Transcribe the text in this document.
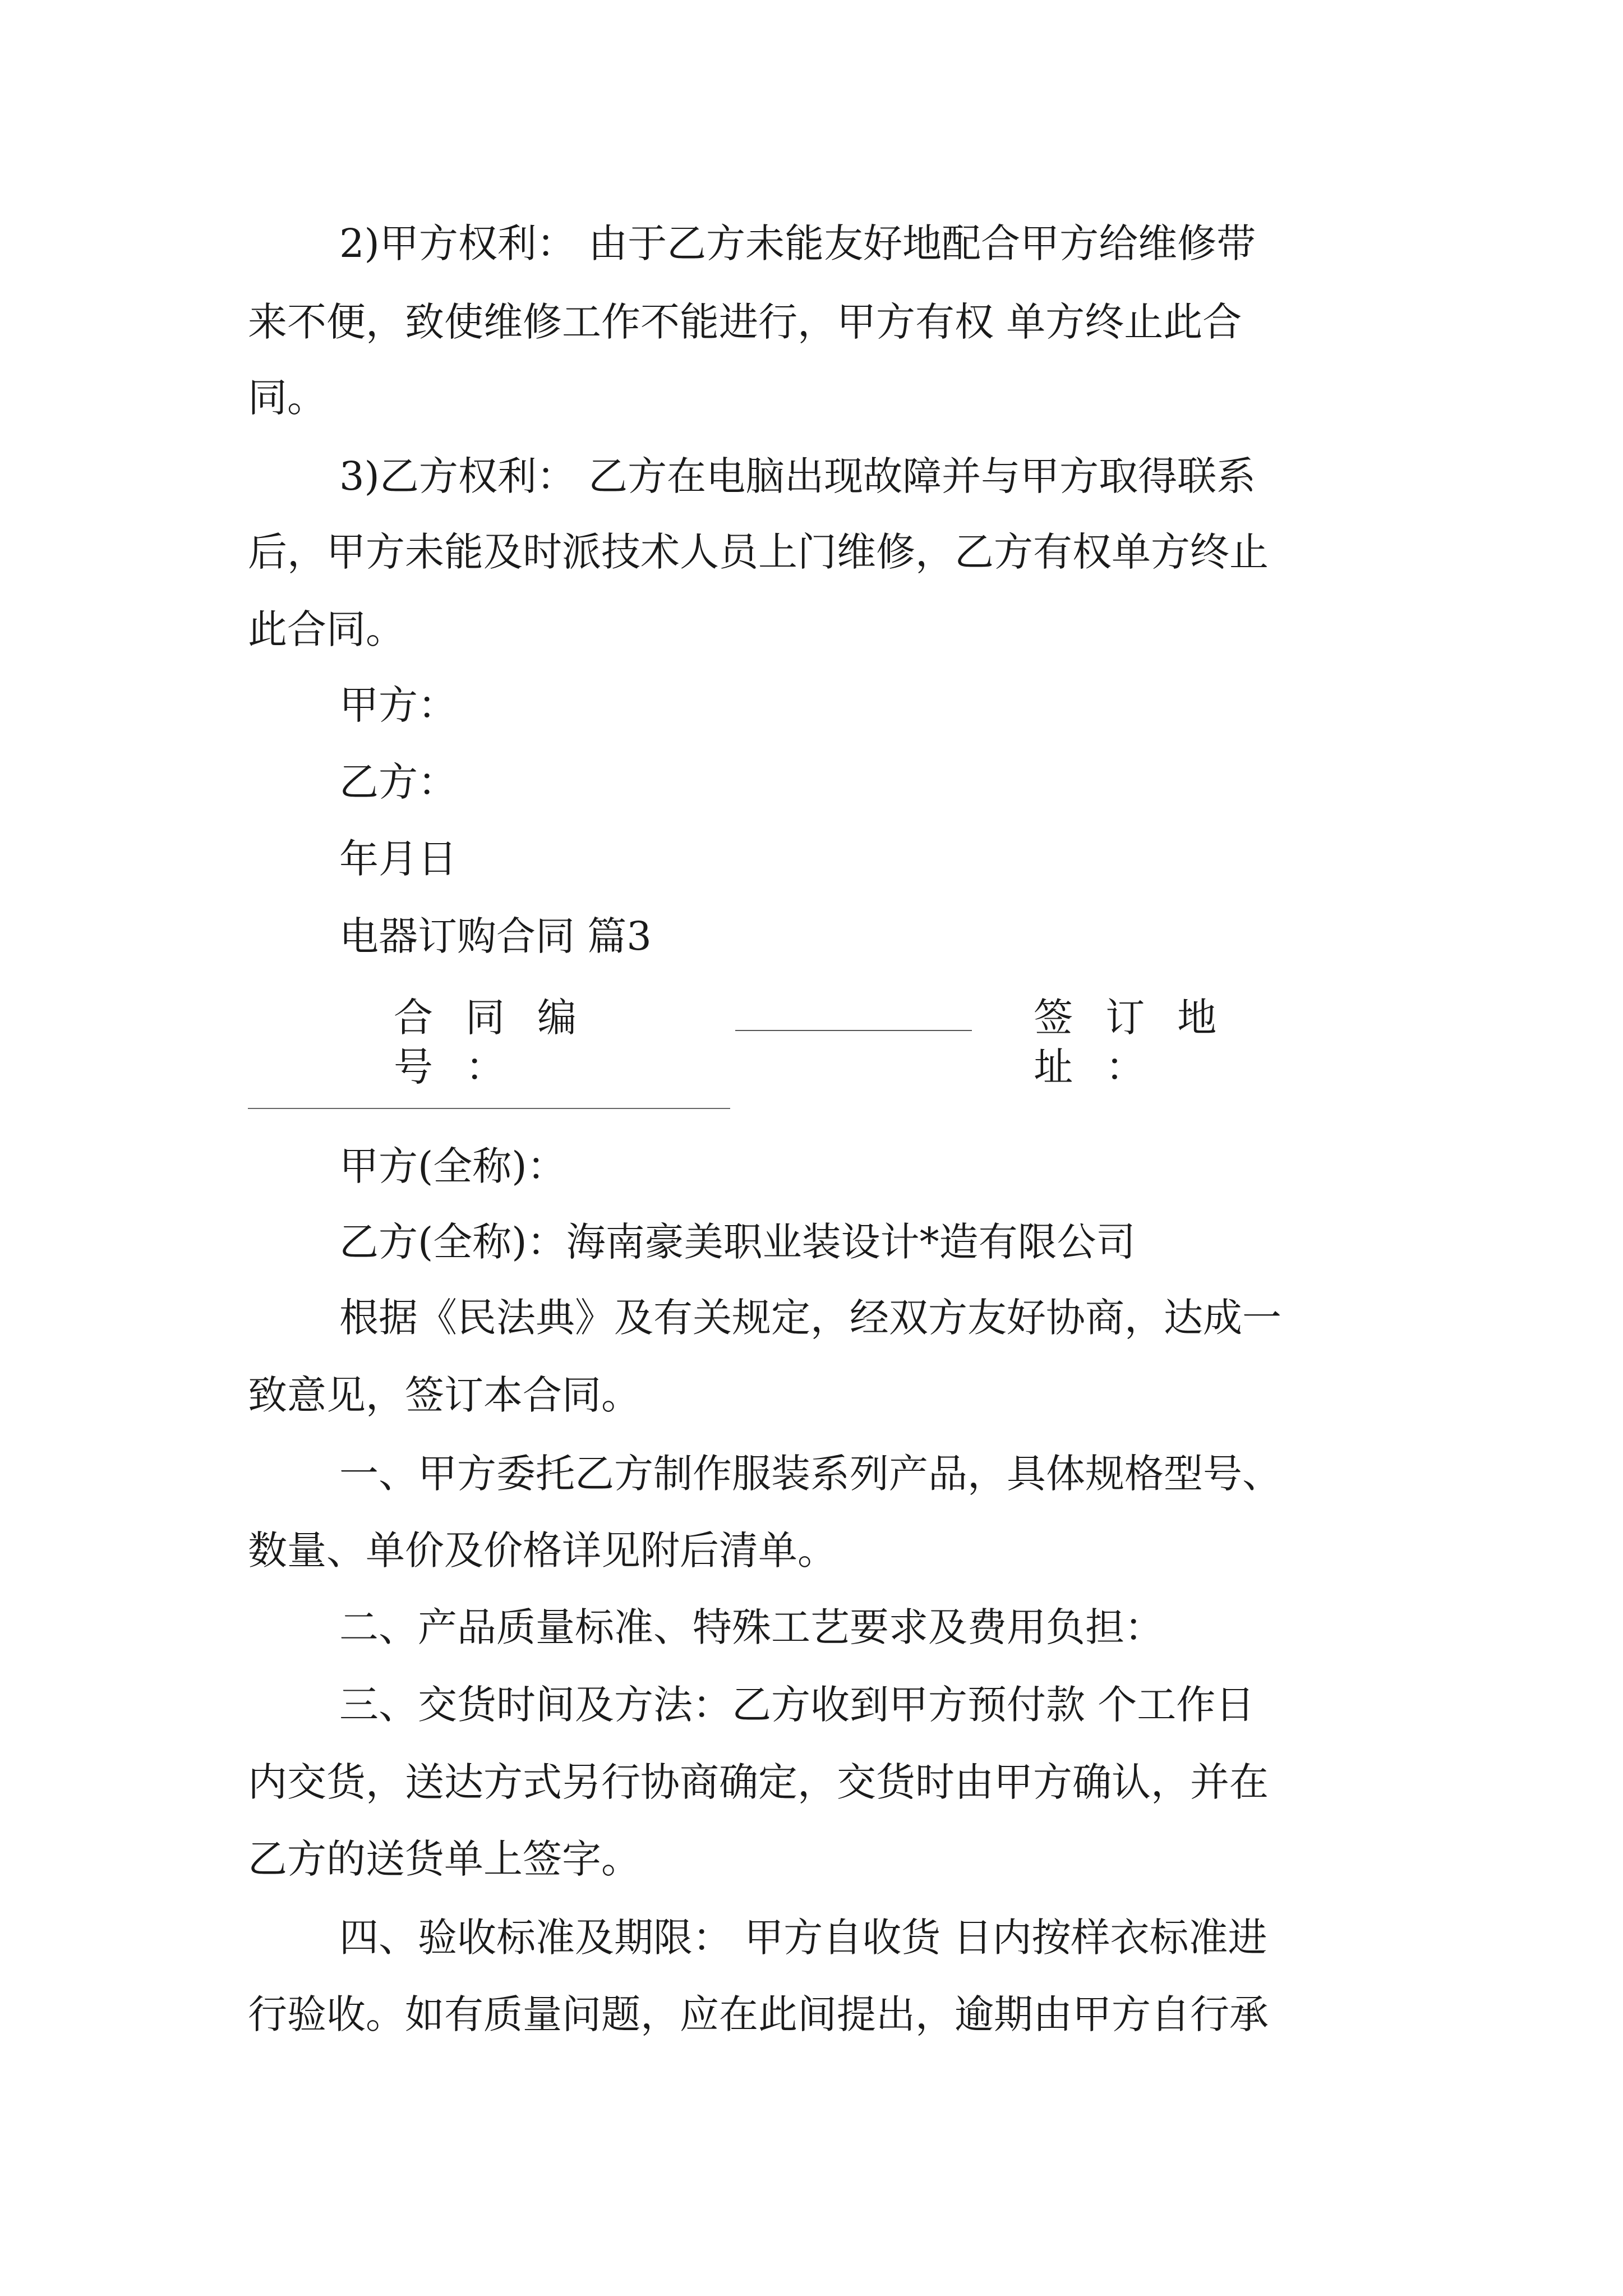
2)甲方权利： 由于乙方未能友好地配合甲方给维修带
来不便，致使维修工作不能进行，甲方有权 单方终止此合
同。
3)乙方权利： 乙方在电脑出现故障并与甲方取得联系
后，甲方未能及时派技术人员上门维修，乙方有权单方终止
此合同。
甲方：
乙方：
年月日
电器订购合同 篇3
合同编号：
签订地址：
甲方(全称)：
乙方(全称)：海南豪美职业装设计*造有限公司
根据《民法典》及有关规定，经双方友好协商，达成一
致意见，签订本合同。
一、甲方委托乙方制作服装系列产品，具体规格型号、
数量、单价及价格详见附后清单。
二、产品质量标准、特殊工艺要求及费用负担：
三、交货时间及方法：乙方收到甲方预付款 个工作日
内交货，送达方式另行协商确定，交货时由甲方确认，并在
乙方的送货单上签字。
四、验收标准及期限： 甲方自收货 日内按样衣标准进
行验收。如有质量问题，应在此间提出，逾期由甲方自行承
